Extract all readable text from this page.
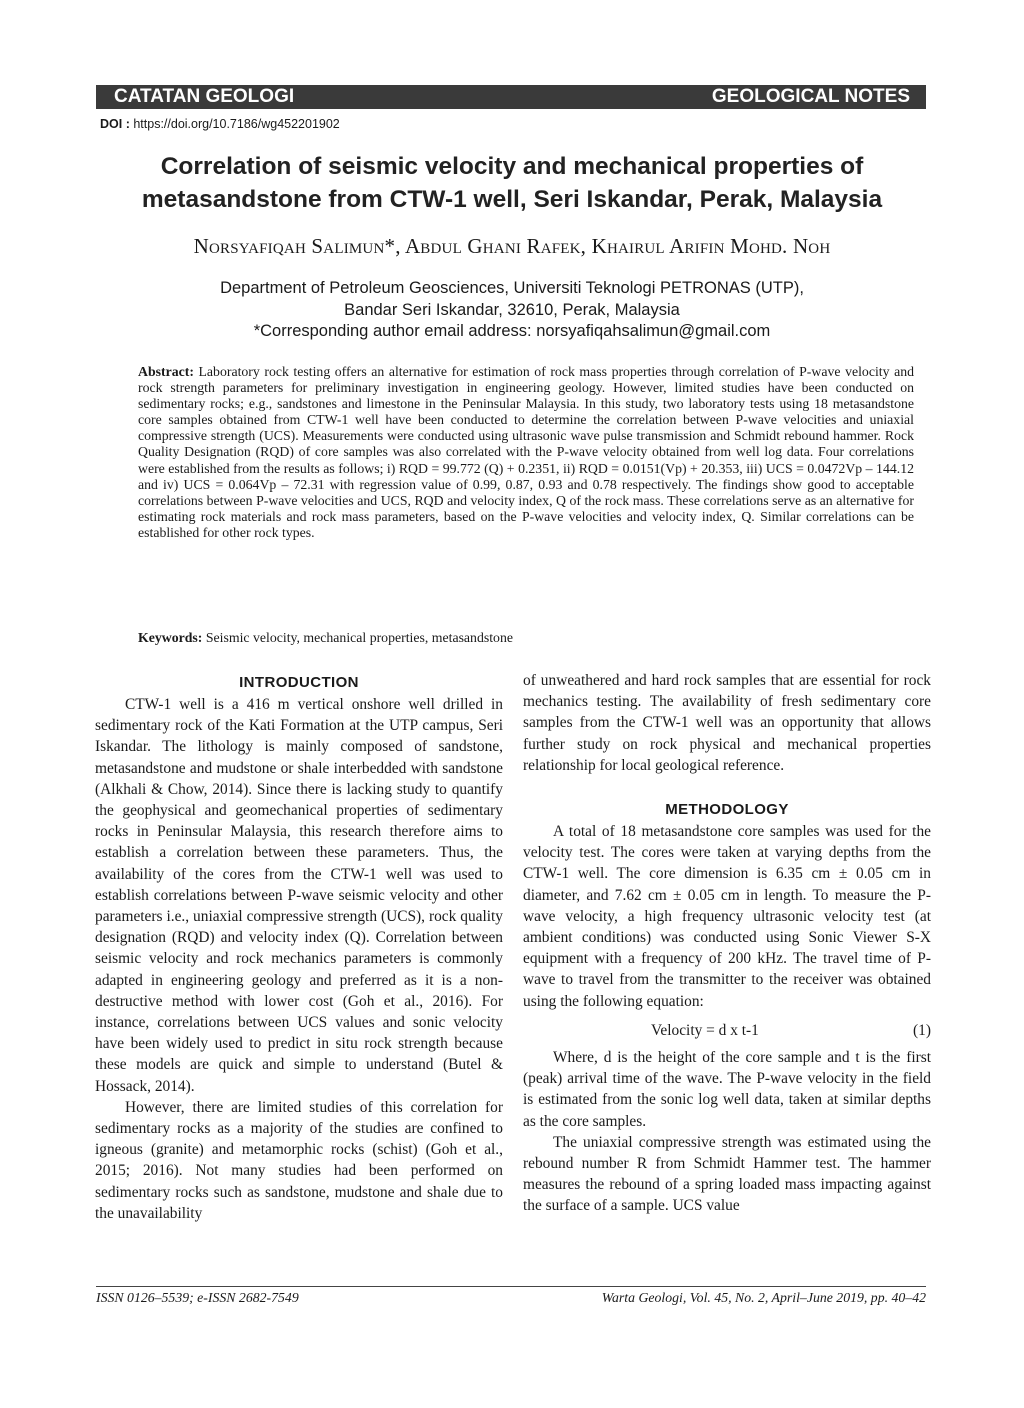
CATATAN GEOLOGI	GEOLOGICAL NOTES
DOI : https://doi.org/10.7186/wg452201902
Correlation of seismic velocity and mechanical properties of metasandstone from CTW-1 well, Seri Iskandar, Perak, Malaysia
Norsyafiqah Salimun*, Abdul Ghani Rafek, Khairul Arifin Mohd. Noh
Department of Petroleum Geosciences, Universiti Teknologi PETRONAS (UTP),
Bandar Seri Iskandar, 32610, Perak, Malaysia
*Corresponding author email address: norsyafiqahsalimun@gmail.com
Abstract: Laboratory rock testing offers an alternative for estimation of rock mass properties through correlation of P-wave velocity and rock strength parameters for preliminary investigation in engineering geology. However, limited studies have been conducted on sedimentary rocks; e.g., sandstones and limestone in the Peninsular Malaysia. In this study, two laboratory tests using 18 metasandstone core samples obtained from CTW-1 well have been conducted to determine the correlation between P-wave velocities and uniaxial compressive strength (UCS). Measurements were conducted using ultrasonic wave pulse transmission and Schmidt rebound hammer. Rock Quality Designation (RQD) of core samples was also correlated with the P-wave velocity obtained from well log data. Four correlations were established from the results as follows; i) RQD = 99.772 (Q) + 0.2351, ii) RQD = 0.0151(Vp) + 20.353, iii) UCS = 0.0472Vp – 144.12 and iv) UCS = 0.064Vp – 72.31 with regression value of 0.99, 0.87, 0.93 and 0.78 respectively. The findings show good to acceptable correlations between P-wave velocities and UCS, RQD and velocity index, Q of the rock mass. These correlations serve as an alternative for estimating rock materials and rock mass parameters, based on the P-wave velocities and velocity index, Q. Similar correlations can be established for other rock types.
Keywords: Seismic velocity, mechanical properties, metasandstone
INTRODUCTION

CTW-1 well is a 416 m vertical onshore well drilled in sedimentary rock of the Kati Formation at the UTP campus, Seri Iskandar. The lithology is mainly composed of sandstone, metasandstone and mudstone or shale interbedded with sandstone (Alkhali & Chow, 2014). Since there is lacking study to quantify the geophysical and geomechanical properties of sedimentary rocks in Peninsular Malaysia, this research therefore aims to establish a correlation between these parameters. Thus, the availability of the cores from the CTW-1 well was used to establish correlations between P-wave seismic velocity and other parameters i.e., uniaxial compressive strength (UCS), rock quality designation (RQD) and velocity index (Q). Correlation between seismic velocity and rock mechanics parameters is commonly adapted in engineering geology and preferred as it is a non-destructive method with lower cost (Goh et al., 2016). For instance, correlations between UCS values and sonic velocity have been widely used to predict in situ rock strength because these models are quick and simple to understand (Butel & Hossack, 2014).

However, there are limited studies of this correlation for sedimentary rocks as a majority of the studies are confined to igneous (granite) and metamorphic rocks (schist) (Goh et al., 2015; 2016). Not many studies had been performed on sedimentary rocks such as sandstone, mudstone and shale due to the unavailability

of unweathered and hard rock samples that are essential for rock mechanics testing. The availability of fresh sedimentary core samples from the CTW-1 well was an opportunity that allows further study on rock physical and mechanical properties relationship for local geological reference.

METHODOLOGY

A total of 18 metasandstone core samples was used for the velocity test. The cores were taken at varying depths from the CTW-1 well. The core dimension is 6.35 cm ± 0.05 cm in diameter, and 7.62 cm ± 0.05 cm in length. To measure the P-wave velocity, a high frequency ultrasonic velocity test (at ambient conditions) was conducted using Sonic Viewer S-X equipment with a frequency of 200 kHz. The travel time of P-wave to travel from the transmitter to the receiver was obtained using the following equation:

Velocity = d x t-1	(1)

Where, d is the height of the core sample and t is the first (peak) arrival time of the wave. The P-wave velocity in the field is estimated from the sonic log well data, taken at similar depths as the core samples.

The uniaxial compressive strength was estimated using the rebound number R from Schmidt Hammer test. The hammer measures the rebound of a spring loaded mass impacting against the surface of a sample. UCS value

ISSN 0126–5539; e-ISSN 2682-7549	Warta Geologi, Vol. 45, No. 2, April–June 2019, pp. 40–42
